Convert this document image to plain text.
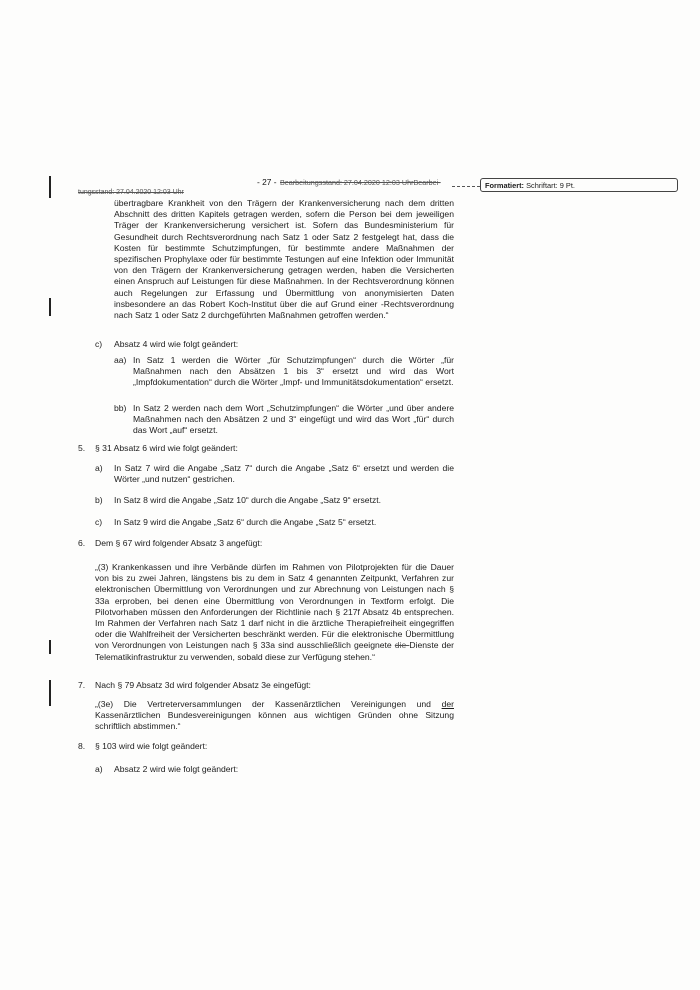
tungsstand: 27.04.2020 12:03 Uhr
- 27 - Bearbeitungsstand: 27.04.2020 12:03 UhrBearbei-	Formatiert: Schriftart: 9 Pt.
übertragbare Krankheit von den Trägern der Krankenversicherung nach dem dritten Abschnitt des dritten Kapitels getragen werden, sofern die Person bei dem jeweiligen Träger der Krankenversicherung versichert ist. Sofern das Bundesministerium für Gesundheit durch Rechtsverordnung nach Satz 1 oder Satz 2 festgelegt hat, dass die Kosten für bestimmte Schutzimpfungen, für bestimmte andere Maßnahmen der spezifischen Prophylaxe oder für bestimmte Testungen auf eine Infektion oder Immunität von den Trägern der Krankenversicherung getragen werden, haben die Versicherten einen Anspruch auf Leistungen für diese Maßnahmen. In der Rechtsverordnung können auch Regelungen zur Erfassung und Übermittlung von anonymisierten Daten insbesondere an das Robert Koch-Institut über die auf Grund einer -Rechtsverordnung nach Satz 1 oder Satz 2 durchgeführten Maßnahmen getroffen werden.“
c) Absatz 4 wird wie folgt geändert:
aa) In Satz 1 werden die Wörter „für Schutzimpfungen“ durch die Wörter „für Maßnahmen nach den Absätzen 1 bis 3“ ersetzt und wird das Wort „Impfdokumentation“ durch die Wörter „Impf- und Immunitätsdokumentation“ ersetzt.
bb) In Satz 2 werden nach dem Wort „Schutzimpfungen“ die Wörter „und über andere Maßnahmen nach den Absätzen 2 und 3“ eingefügt und wird das Wort „für“ durch das Wort „auf“ ersetzt.
5. § 31 Absatz 6 wird wie folgt geändert:
a) In Satz 7 wird die Angabe „Satz 7“ durch die Angabe „Satz 6“ ersetzt und werden die Wörter „und nutzen“ gestrichen.
b) In Satz 8 wird die Angabe „Satz 10“ durch die Angabe „Satz 9“ ersetzt.
c) In Satz 9 wird die Angabe „Satz 6“ durch die Angabe „Satz 5“ ersetzt.
6. Dem § 67 wird folgender Absatz 3 angefügt:
„(3) Krankenkassen und ihre Verbände dürfen im Rahmen von Pilotprojekten für die Dauer von bis zu zwei Jahren, längstens bis zu dem in Satz 4 genannten Zeitpunkt, Verfahren zur elektronischen Übermittlung von Verordnungen und zur Abrechnung von Leistungen nach § 33a erproben, bei denen eine Übermittlung von Verordnungen in Textform erfolgt. Die Pilotvorhaben müssen den Anforderungen der Richtlinie nach § 217f Absatz 4b entsprechen. Im Rahmen der Verfahren nach Satz 1 darf nicht in die ärztliche Therapiefreiheit eingegriffen oder die Wahlfreiheit der Versicherten beschränkt werden. Für die elektronische Übermittlung von Verordnungen von Leistungen nach § 33a sind ausschließlich geeignete die Dienste der Telematikinfrastruktur zu verwenden, sobald diese zur Verfügung stehen.“
7. Nach § 79 Absatz 3d wird folgender Absatz 3e eingefügt:
„(3e) Die Vertreterversammlungen der Kassenärztlichen Vereinigungen und der Kassenärztlichen Bundesvereinigungen können aus wichtigen Gründen ohne Sitzung schriftlich abstimmen.“
8. § 103 wird wie folgt geändert:
a) Absatz 2 wird wie folgt geändert:
